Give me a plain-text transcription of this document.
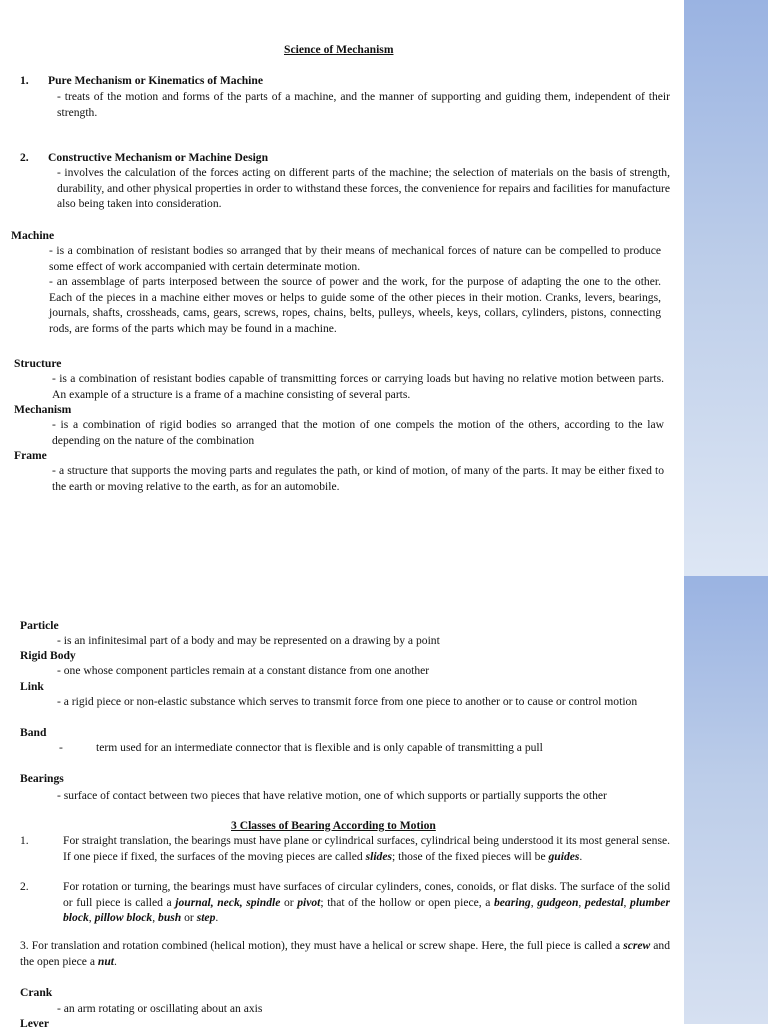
Science of Mechanism
1. Pure Mechanism or Kinematics of Machine
- treats of the motion and forms of the parts of a machine, and the manner of supporting and guiding them, independent of their strength.
2. Constructive Mechanism or Machine Design
- involves the calculation of the forces acting on different parts of the machine; the selection of materials on the basis of strength, durability, and other physical properties in order to withstand these forces, the convenience for repairs and facilities for manufacture also being taken into consideration.
Machine
- is a combination of resistant bodies so arranged that by their means of mechanical forces of nature can be compelled to produce some effect of work accompanied with certain determinate motion.
- an assemblage of parts interposed between the source of power and the work, for the purpose of adapting the one to the other. Each of the pieces in a machine either moves or helps to guide some of the other pieces in their motion. Cranks, levers, bearings, journals, shafts, crossheads, cams, gears, screws, ropes, chains, belts, pulleys, wheels, keys, collars, cylinders, pistons, connecting rods, are forms of the parts which may be found in a machine.
Structure
- is a combination of resistant bodies capable of transmitting forces or carrying loads but having no relative motion between parts. An example of a structure is a frame of a machine consisting of several parts.
Mechanism
- is a combination of rigid bodies so arranged that the motion of one compels the motion of the others, according to the law depending on the nature of the combination
Frame
- a structure that supports the moving parts and regulates the path, or kind of motion, of many of the parts. It may be either fixed to the earth or moving relative to the earth, as for an automobile.
Particle
- is an infinitesimal part of a body and may be represented on a drawing by a point
Rigid Body
- one whose component particles remain at a constant distance from one another
Link
- a rigid piece or non-elastic substance which serves to transmit force from one piece to another or to cause or control motion
Band
-	term used for an intermediate connector that is flexible and is only capable of transmitting a pull
Bearings
- surface of contact between two pieces that have relative motion, one of which supports or partially supports the other
3 Classes of Bearing According to Motion
1.	For straight translation, the bearings must have plane or cylindrical surfaces, cylindrical being understood it its most general sense. If one piece if fixed, the surfaces of the moving pieces are called slides; those of the fixed pieces will be guides.
2.	For rotation or turning, the bearings must have surfaces of circular cylinders, cones, conoids, or flat disks. The surface of the solid or full piece is called a journal, neck, spindle or pivot; that of the hollow or open piece, a bearing, gudgeon, pedestal, plumber block, pillow block, bush or step.
3. For translation and rotation combined (helical motion), they must have a helical or screw shape. Here, the full piece is called a screw and the open piece a nut.
Crank
- an arm rotating or oscillating about an axis
Lever
